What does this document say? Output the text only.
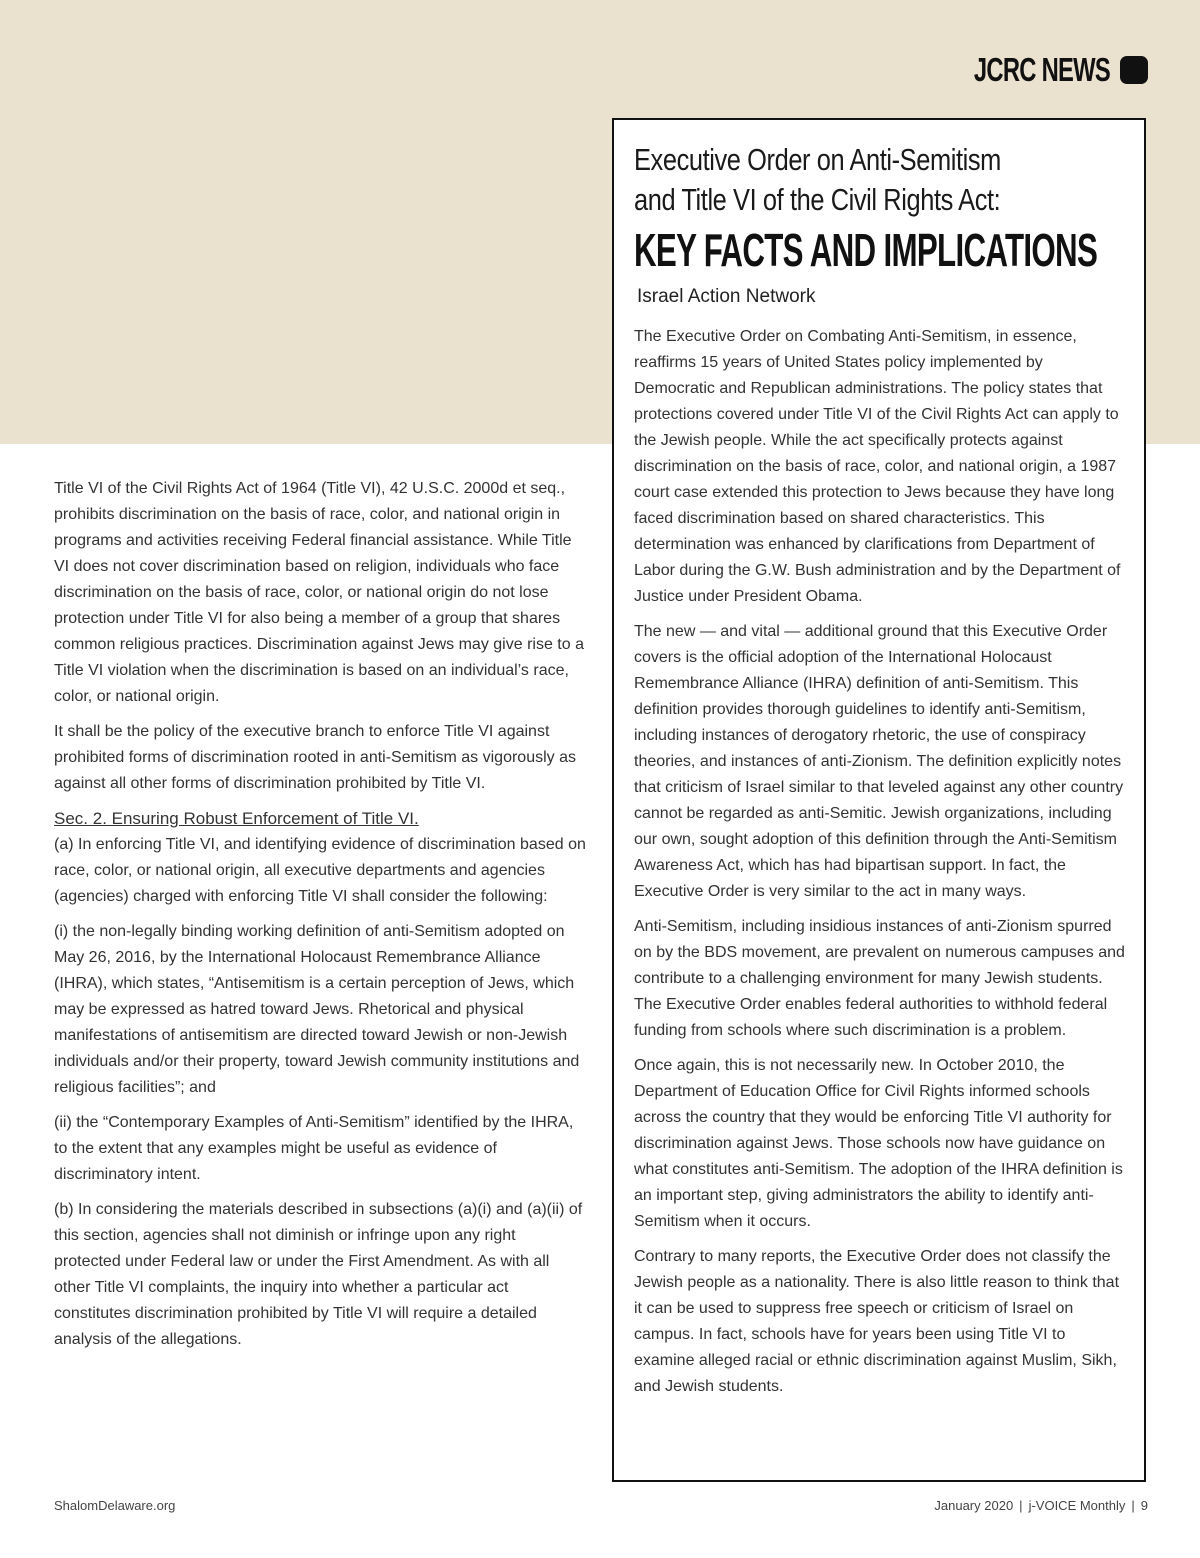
JCRC NEWS

Title VI of the Civil Rights Act of 1964 (Title VI), 42 U.S.C. 2000d et seq., prohibits discrimination on the basis of race, color, and national origin in programs and activities receiving Federal financial assistance. While Title VI does not cover discrimination based on religion, individuals who face discrimination on the basis of race, color, or national origin do not lose protection under Title VI for also being a member of a group that shares common religious practices. Discrimination against Jews may give rise to a Title VI violation when the discrimination is based on an individual’s race, color, or national origin.

It shall be the policy of the executive branch to enforce Title VI against prohibited forms of discrimination rooted in anti-Semitism as vigorously as against all other forms of discrimination prohibited by Title VI.

Sec. 2. Ensuring Robust Enforcement of Title VI.

(a) In enforcing Title VI, and identifying evidence of discrimination based on race, color, or national origin, all executive departments and agencies (agencies) charged with enforcing Title VI shall consider the following:

(i) the non-legally binding working definition of anti-Semitism adopted on May 26, 2016, by the International Holocaust Remembrance Alliance (IHRA), which states, “Antisemitism is a certain perception of Jews, which may be expressed as hatred toward Jews. Rhetorical and physical manifestations of antisemitism are directed toward Jewish or non-Jewish individuals and/or their property, toward Jewish community institutions and religious facilities”; and

(ii) the “Contemporary Examples of Anti-Semitism” identified by the IHRA, to the extent that any examples might be useful as evidence of discriminatory intent.

(b) In considering the materials described in subsections (a)(i) and (a)(ii) of this section, agencies shall not diminish or infringe upon any right protected under Federal law or under the First Amendment. As with all other Title VI complaints, the inquiry into whether a particular act constitutes discrimination prohibited by Title VI will require a detailed analysis of the allegations.

Executive Order on Anti-Semitism
and Title VI of the Civil Rights Act:
KEY FACTS AND IMPLICATIONS
Israel Action Network

The Executive Order on Combating Anti-Semitism, in essence, reaffirms 15 years of United States policy implemented by Democratic and Republican administrations. The policy states that protections covered under Title VI of the Civil Rights Act can apply to the Jewish people. While the act specifically protects against discrimination on the basis of race, color, and national origin, a 1987 court case extended this protection to Jews because they have long faced discrimination based on shared characteristics. This determination was enhanced by clarifications from Department of Labor during the G.W. Bush administration and by the Department of Justice under President Obama.

The new — and vital — additional ground that this Executive Order covers is the official adoption of the International Holocaust Remembrance Alliance (IHRA) definition of anti-Semitism. This definition provides thorough guidelines to identify anti-Semitism, including instances of derogatory rhetoric, the use of conspiracy theories, and instances of anti-Zionism. The definition explicitly notes that criticism of Israel similar to that leveled against any other country cannot be regarded as anti-Semitic. Jewish organizations, including our own, sought adoption of this definition through the Anti-Semitism Awareness Act, which has had bipartisan support. In fact, the Executive Order is very similar to the act in many ways.

Anti-Semitism, including insidious instances of anti-Zionism spurred on by the BDS movement, are prevalent on numerous campuses and contribute to a challenging environment for many Jewish students. The Executive Order enables federal authorities to withhold federal funding from schools where such discrimination is a problem.

Once again, this is not necessarily new. In October 2010, the Department of Education Office for Civil Rights informed schools across the country that they would be enforcing Title VI authority for discrimination against Jews. Those schools now have guidance on what constitutes anti-Semitism. The adoption of the IHRA definition is an important step, giving administrators the ability to identify anti-Semitism when it occurs.

Contrary to many reports, the Executive Order does not classify the Jewish people as a nationality. There is also little reason to think that it can be used to suppress free speech or criticism of Israel on campus. In fact, schools have for years been using Title VI to examine alleged racial or ethnic discrimination against Muslim, Sikh, and Jewish students.

ShalomDelaware.org	January 2020 | j-VOICE Monthly | 9
